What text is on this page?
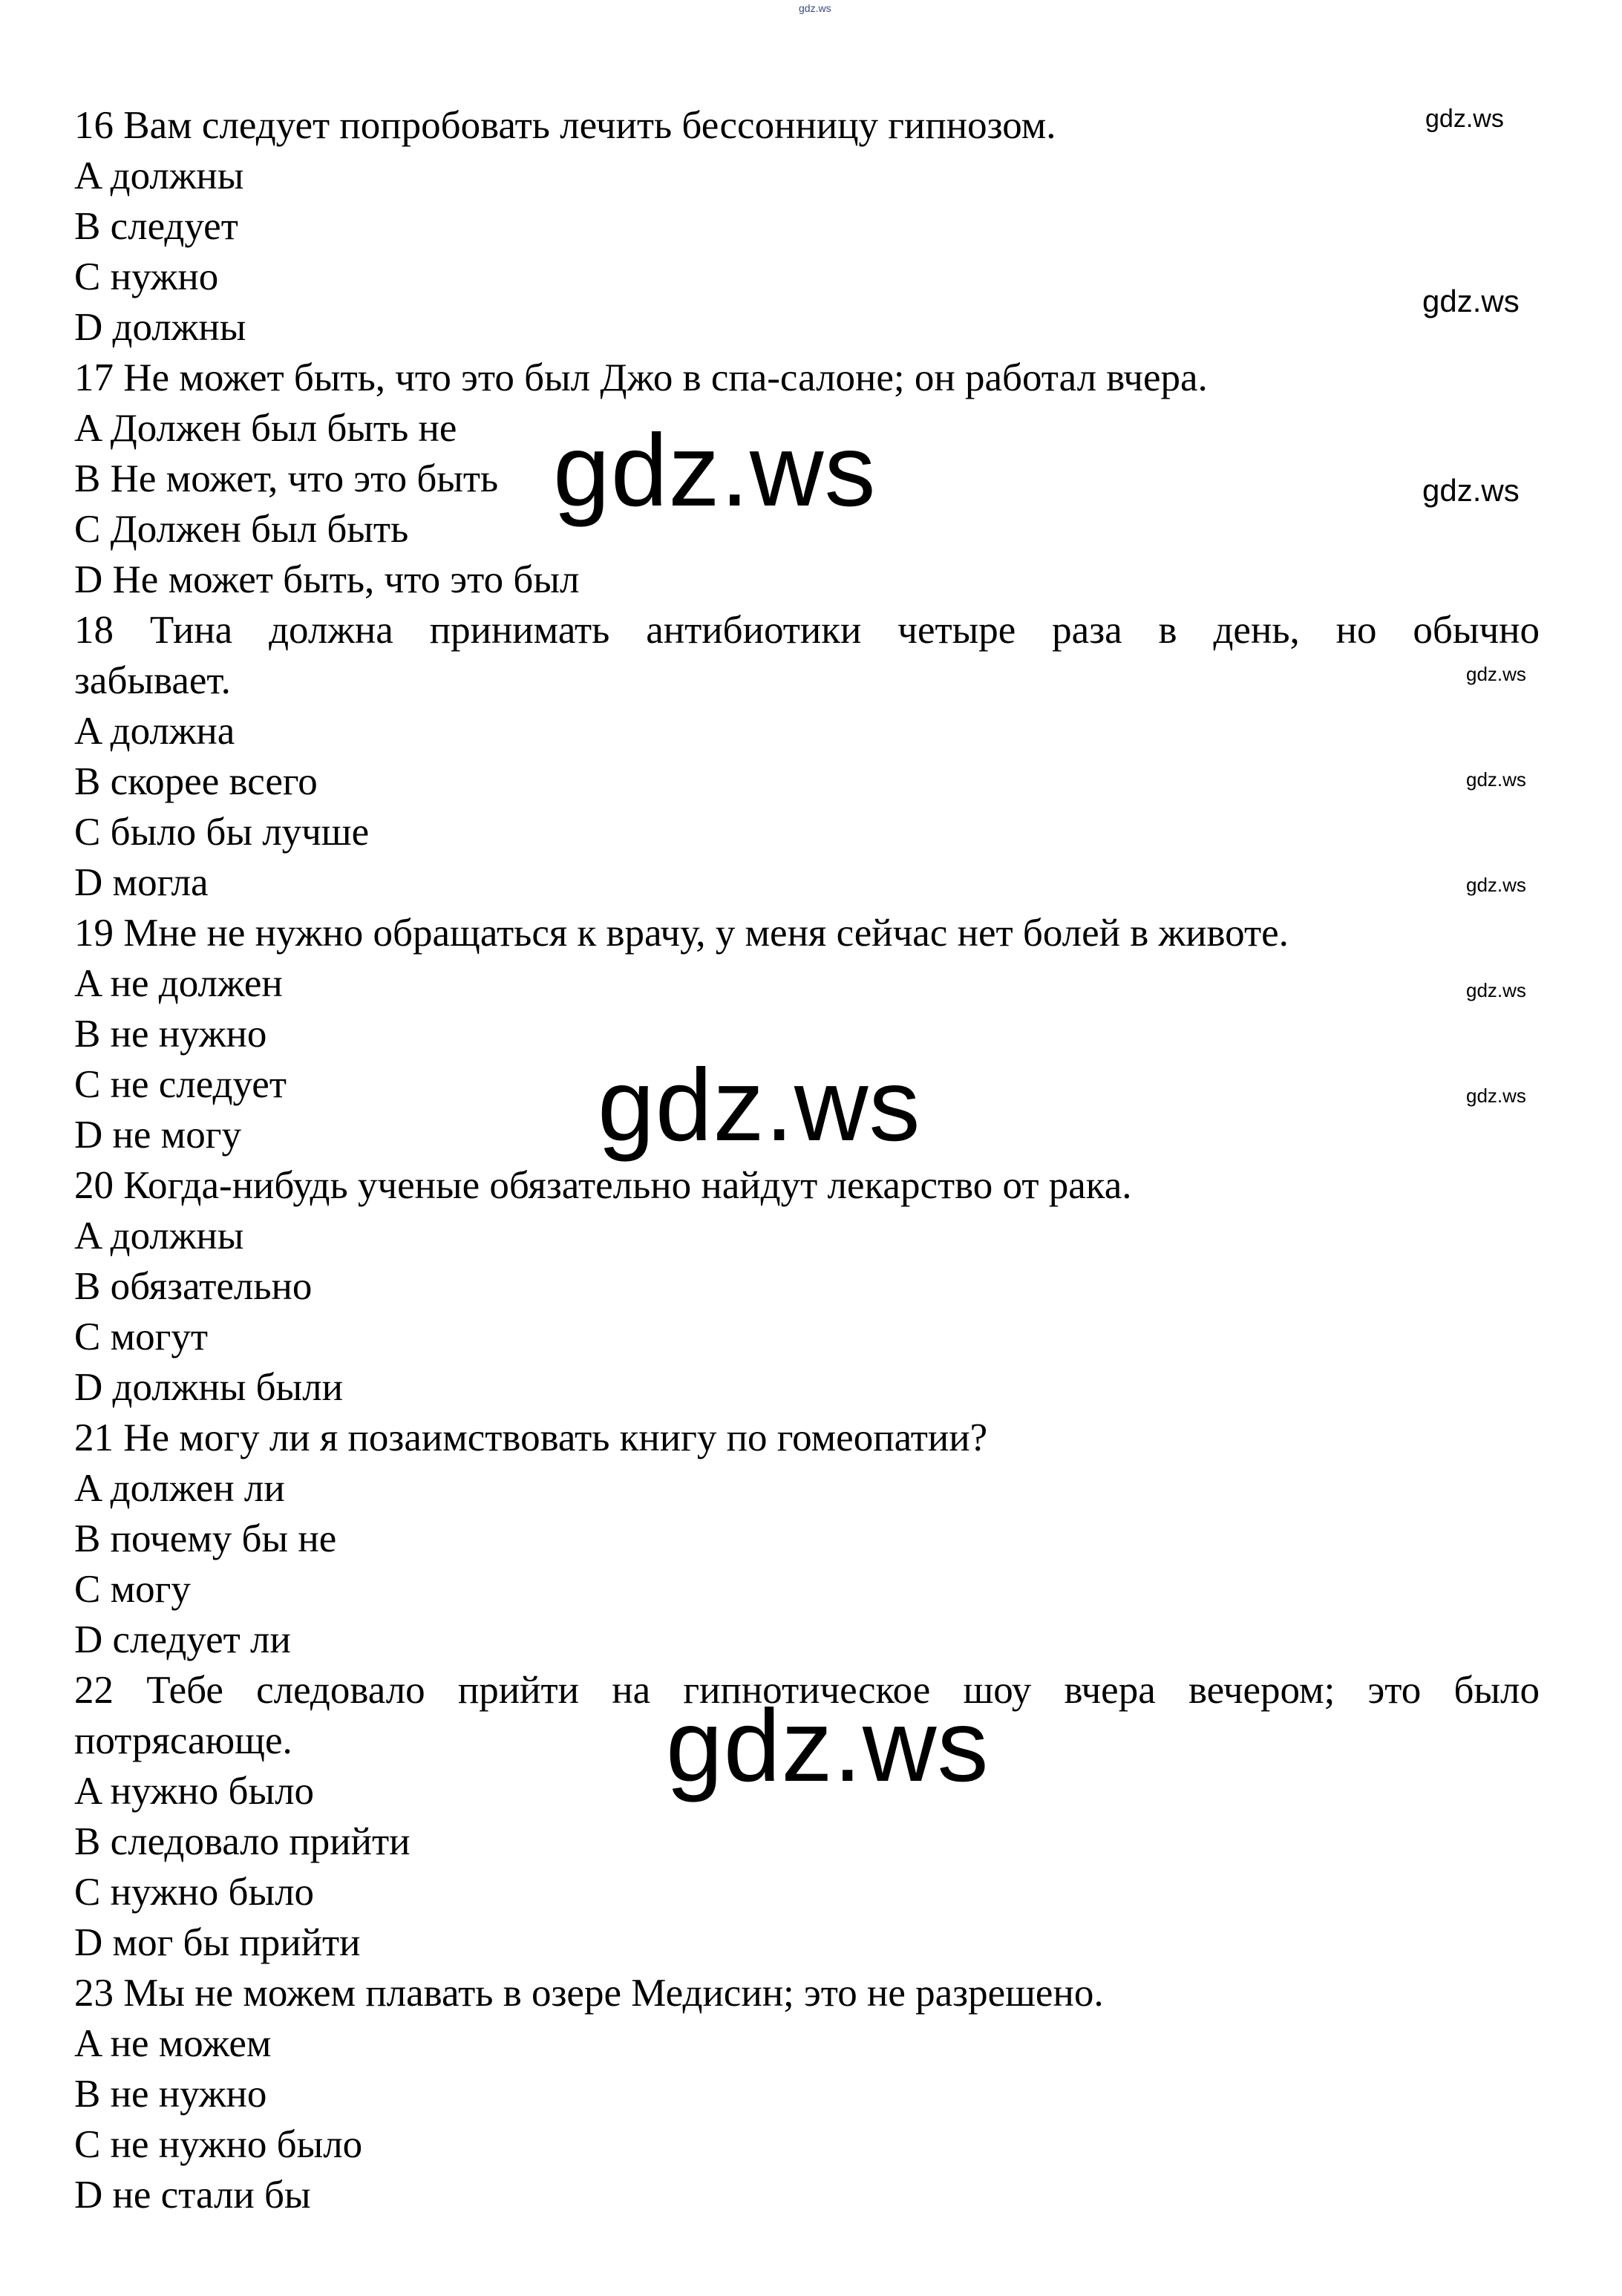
gdz.ws
16 Вам следует попробовать лечить бессонницу гипнозом.
A должны
B следует
C нужно
D должны
17 Не может быть, что это был Джо в спа-салоне; он работал вчера.
A Должен был быть не
B Не может, что это быть
C Должен был быть
D Не может быть, что это был
18 Тина должна принимать антибиотики четыре раза в день, но обычно
забывает.
A должна
B скорее всего
C было бы лучше
D могла
19 Мне не нужно обращаться к врачу, у меня сейчас нет болей в животе.
A не должен
B не нужно
C не следует
D не могу
20 Когда-нибудь ученые обязательно найдут лекарство от рака.
A должны
B обязательно
C могут
D должны были
21 Не могу ли я позаимствовать книгу по гомеопатии?
A должен ли
B почему бы не
C могу
D следует ли
22 Тебе следовало прийти на гипнотическое шоу вчера вечером; это было
потрясающе.
A нужно было
B следовало прийти
C нужно было
D мог бы прийти
23 Мы не можем плавать в озере Медисин; это не разрешено.
A не можем
B не нужно
C не нужно было
D не стали бы
gdz.ws
gdz.ws
gdz.ws
gdz.ws
gdz.ws
gdz.ws
gdz.ws
gdz.ws
gdz.ws
gdz.ws
gdz.ws
